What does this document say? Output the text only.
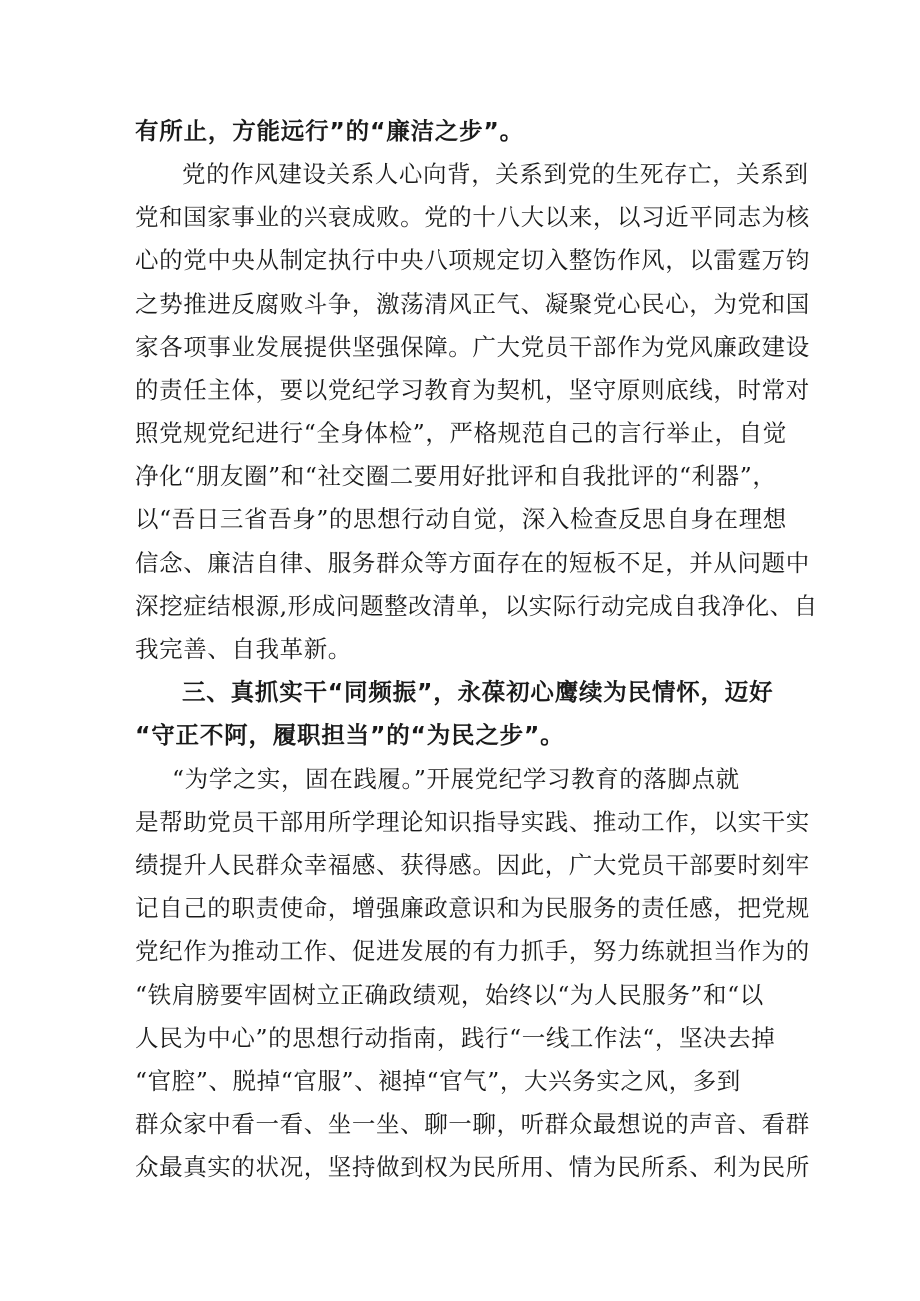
有所止，方能远行”的“廉洁之步”。
党的作风建设关系人心向背，关系到党的生死存亡，关系到
党和国家事业的兴衰成败。党的十八大以来，以习近平同志为核
心的党中央从制定执行中央八项规定切入整饬作风，以雷霆万钧
之势推进反腐败斗争，激荡清风正气、凝聚党心民心，为党和国
家各项事业发展提供坚强保障。广大党员干部作为党风廉政建设
的责任主体，要以党纪学习教育为契机，坚守原则底线，时常对
照党规党纪进行“全身体检”，严格规范自己的言行举止，自觉
净化“朋友圈”和“社交圈二要用好批评和自我批评的“利器”，
以“吾日三省吾身”的思想行动自觉，深入检查反思自身在理想
信念、廉洁自律、服务群众等方面存在的短板不足，并从问题中
深挖症结根源,形成问题整改清单，以实际行动完成自我净化、自
我完善、自我革新。
三、真抓实干“同频振”，永葆初心鹰续为民情怀，迈好
“守正不阿，履职担当”的“为民之步”。
“为学之实，固在践履。”开展党纪学习教育的落脚点就
是帮助党员干部用所学理论知识指导实践、推动工作，以实干实
绩提升人民群众幸福感、获得感。因此，广大党员干部要时刻牢
记自己的职责使命，增强廉政意识和为民服务的责任感，把党规
党纪作为推动工作、促进发展的有力抓手，努力练就担当作为的
“铁肩膀要牢固树立正确政绩观，始终以“为人民服务”和“以
人民为中心”的思想行动指南，践行“一线工作法“，坚决去掉
“官腔”、脱掉“官服”、褪掉“官气”，大兴务实之风，多到
群众家中看一看、坐一坐、聊一聊，听群众最想说的声音、看群
众最真实的状况，坚持做到权为民所用、情为民所系、利为民所
